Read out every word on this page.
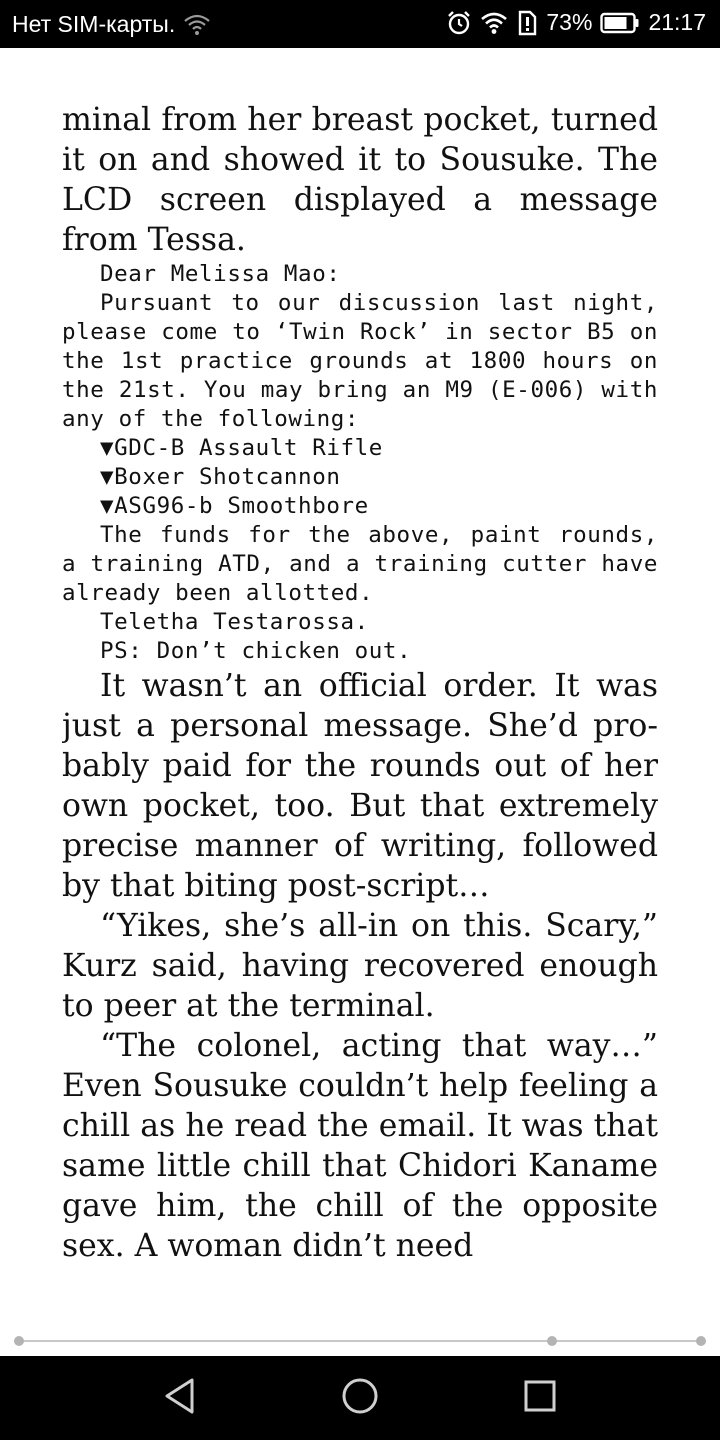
Нет SIM-карты.	73% 21:17

minal from her breast pocket, turned it on and showed it to Sousuke. The LCD screen displayed a message from Tessa.

Dear Melissa Mao:
Pursuant to our discussion last night, please come to ‘Twin Rock’ in sector B5 on the 1st practice grounds at 1800 hours on the 21st. You may bring an M9 (E-006) with any of the following:
▼GDC-B Assault Rifle
▼Boxer Shotcannon
▼ASG96-b Smoothbore
The funds for the above, paint rounds, a training ATD, and a training cutter have already been allotted.
Teletha Testarossa.
PS: Don’t chicken out.

It wasn’t an official order. It was just a personal message. She’d probably paid for the rounds out of her own pocket, too. But that extremely precise manner of writing, followed by that biting post-script…

“Yikes, she’s all-in on this. Scary,” Kurz said, having recovered enough to peer at the terminal.

“The colonel, acting that way…” Even Sousuke couldn’t help feeling a chill as he read the email. It was that same little chill that Chidori Kaname gave him, the chill of the opposite sex. A woman didn’t need
